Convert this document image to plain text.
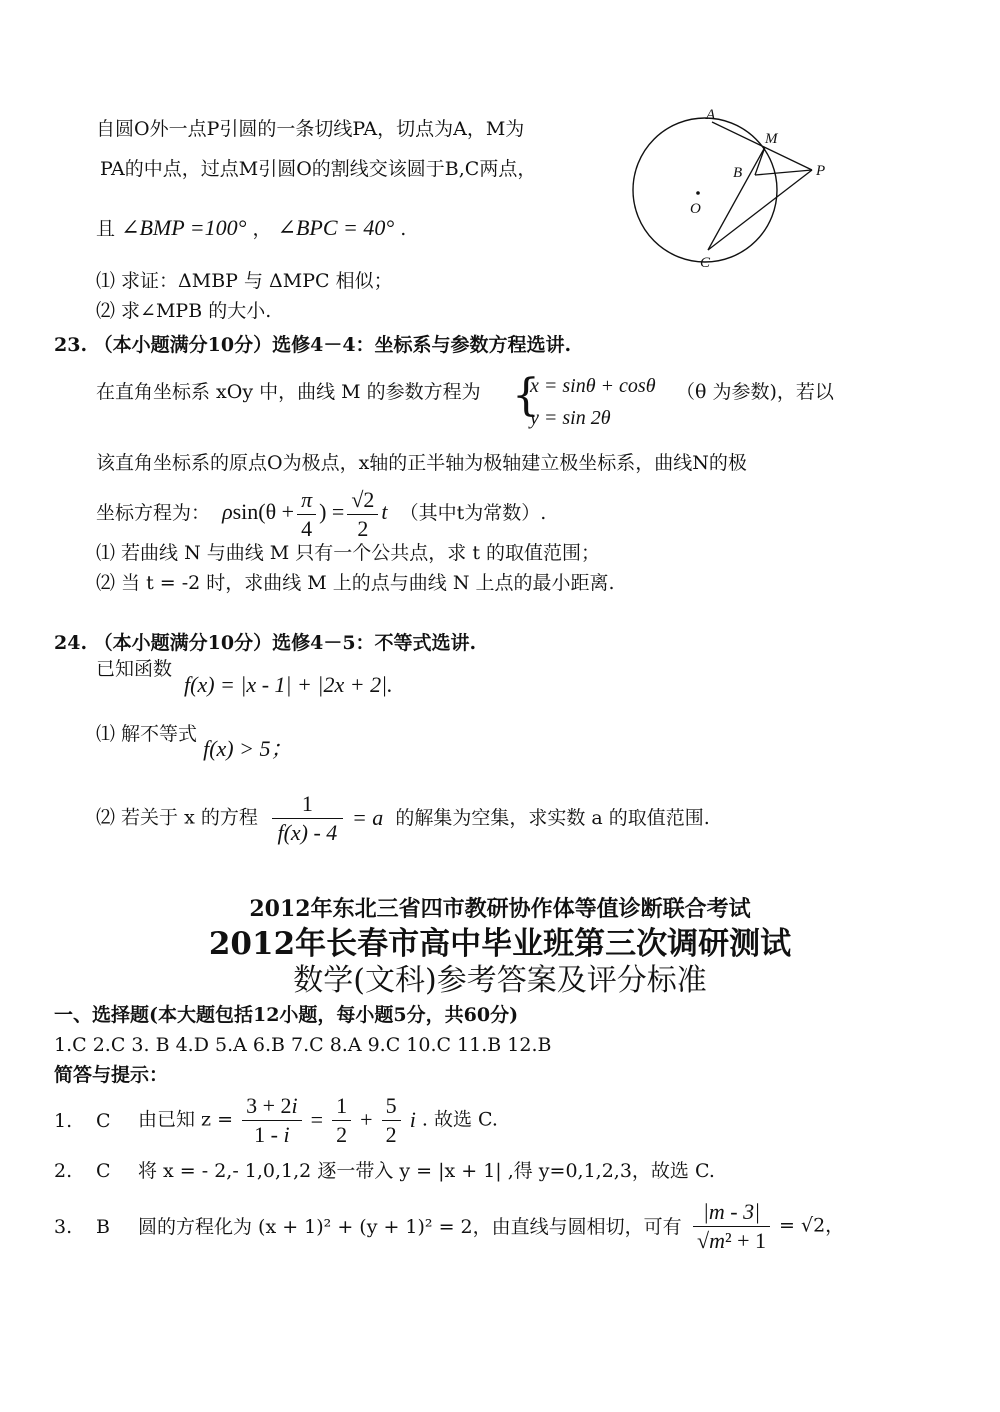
自圆O外一点P引圆的一条切线PA，切点为A，M为
PA的中点，过点M引圆O的割线交该圆于B,C两点，
且 ∠BMP =100° ， ∠BPC = 40° .
⑴ 求证：ΔMBP 与 ΔMPC 相似；
⑵ 求∠MPB 的大小.
A
M
B	P
O
C
23. （本小题满分10分）选修4－4：坐标系与参数方程选讲.
在直角坐标系 xOy 中，曲线 M 的参数方程为 {
x = sinθ + cosθ
y = sin 2θ
（θ 为参数)，若以
该直角坐标系的原点O为极点，x轴的正半轴为极轴建立极坐标系，曲线N的极
坐标方程为： $\rho\sin(\theta + \frac{\pi}{4}$ ) = $\frac{√2}{2}$ t （其中t为常数）.
⑴ 若曲线 N 与曲线 M 只有一个公共点，求 t 的取值范围；
⑵ 当 t = -2 时，求曲线 M 上的点与曲线 N 上点的最小距离.
24. （本小题满分10分）选修4－5：不等式选讲.
已知函数
f(x) = |x - 1| + |2x + 2|.
⑴ 解不等式 f(x) > 5；
⑵ 若关于 x 的方程 $\frac{1}{f(x) - 4} = a$ 的解集为空集，求实数 a 的取值范围.
2012年东北三省四市教研协作体等值诊断联合考试
2012年长春市高中毕业班第三次调研测试
数学(文科)参考答案及评分标准
一、选择题(本大题包括12小题，每小题5分，共60分)
1.C 2.C 3. B 4.D 5.A 6.B 7.C 8.A 9.C 10.C 11.B 12.B
简答与提示：
1. C 由已知 $z = \frac{3 + 2i}{1 - i} = \frac{1}{2} + \frac{5}{2}$ i . 故选 C.
2. C 将 x = - 2,- 1,0,1,2 逐一带入 y = |x + 1| ,得 y=0,1,2,3，故选 C.
3. B 圆的方程化为 (x + 1)² + (y + 1)² = 2，由直线与圆相切，可有 $\frac{|m - 3|}{\text{√m² + 1}} = √2$，
